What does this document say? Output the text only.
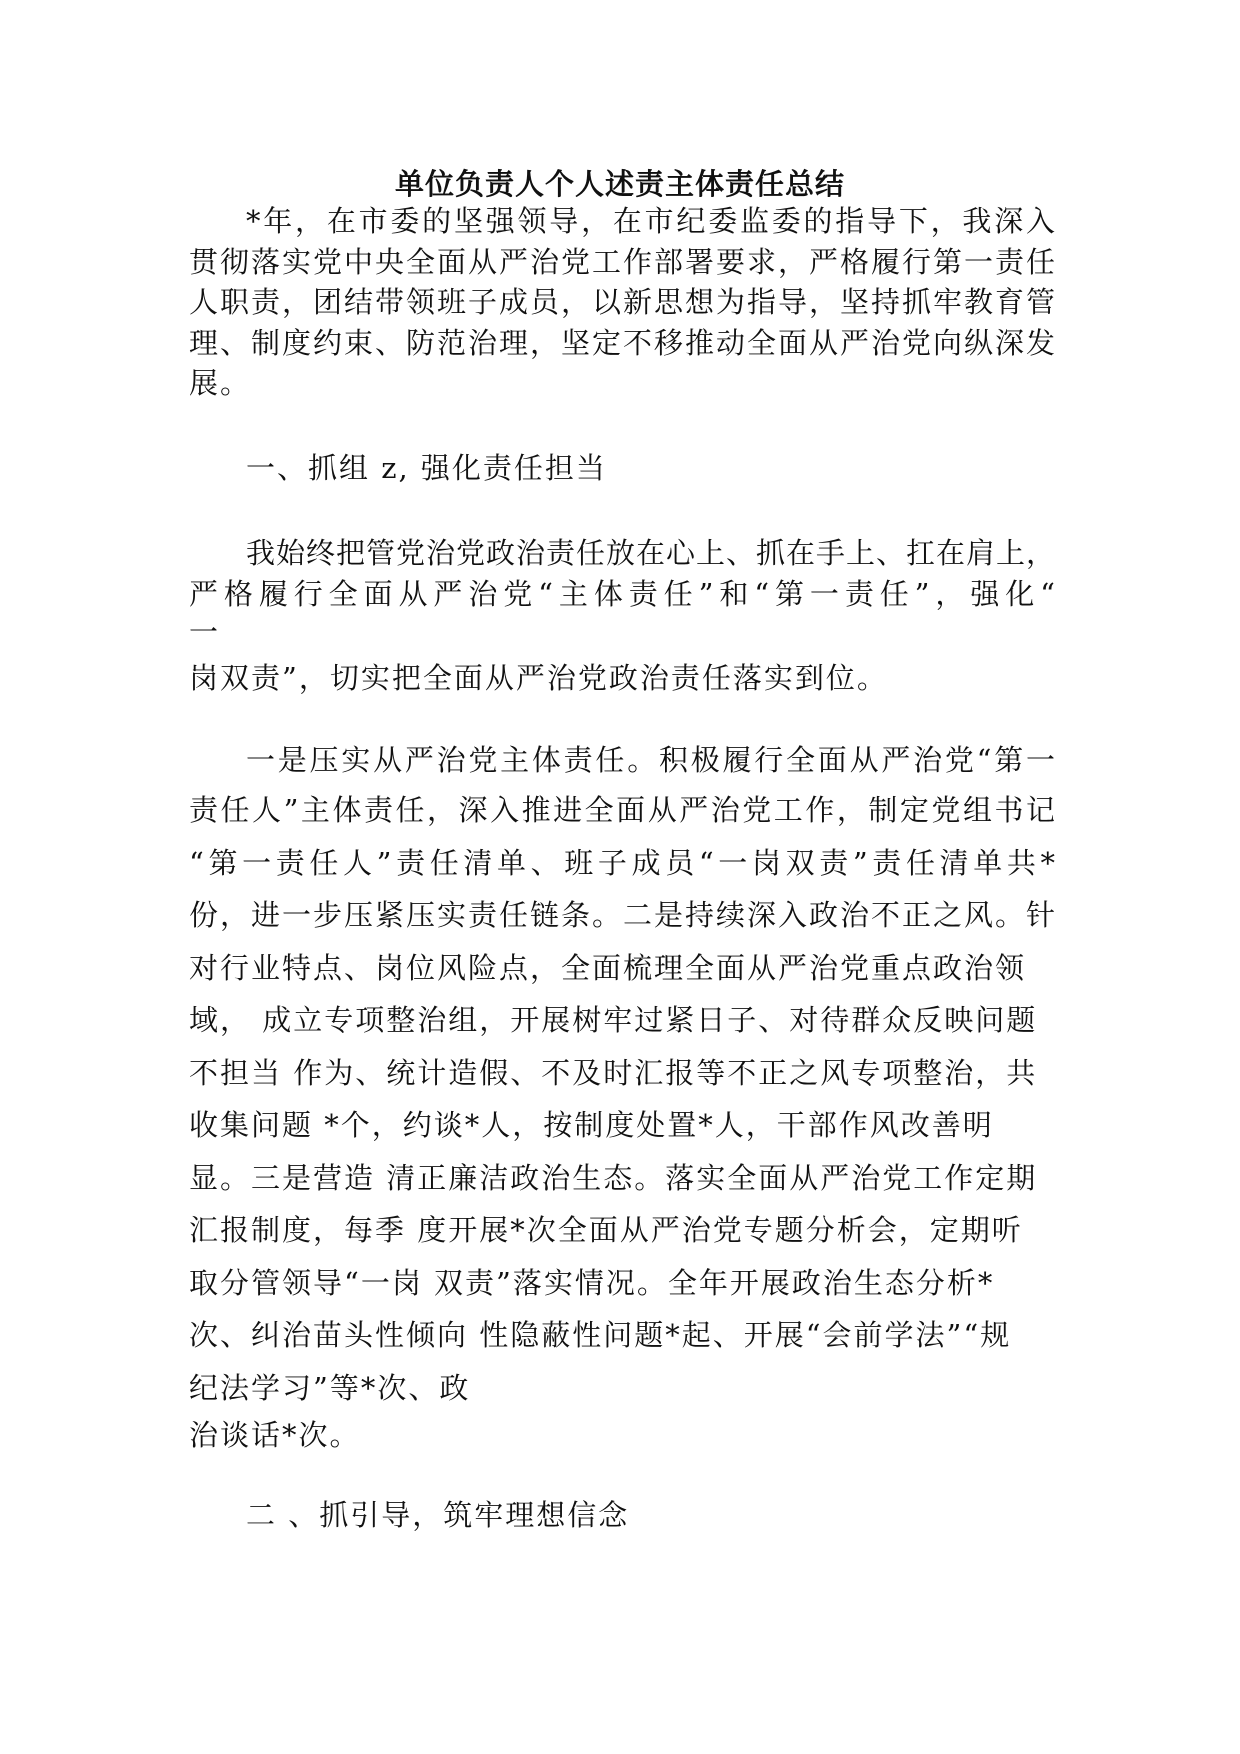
单位负责人个人述责主体责任总结
*年，在市委的坚强领导，在市纪委监委的指导下，我深入
贯彻落实党中央全面从严治党工作部署要求，严格履行第一责任
人职责，团结带领班子成员，以新思想为指导，坚持抓牢教育管
理、制度约束、防范治理，坚定不移推动全面从严治党向纵深发
展。
一、抓组 z, 强化责任担当
我始终把管党治党政治责任放在心上、抓在手上、扛在肩上，
严格履行全面从严治党“主体责任”和“第一责任”，强化“
一
岗双责”，切实把全面从严治党政治责任落实到位。
一是压实从严治党主体责任。积极履行全面从严治党“第一
责任人”主体责任，深入推进全面从严治党工作，制定党组书记
“第一责任人”责任清单、班子成员“一岗双责”责任清单共*
份，进一步压紧压实责任链条。二是持续深入政治不正之风。针
对行业特点、岗位风险点，全面梳理全面从严治党重点政治领
域， 成立专项整治组，开展树牢过紧日子、对待群众反映问题
不担当 作为、统计造假、不及时汇报等不正之风专项整治，共
收集问题 *个，约谈*人，按制度处置*人，干部作风改善明
显。三是营造 清正廉洁政治生态。落实全面从严治党工作定期
汇报制度，每季 度开展*次全面从严治党专题分析会，定期听
取分管领导“一岗 双责”落实情况。全年开展政治生态分析*
次、纠治苗头性倾向 性隐蔽性问题*起、开展“会前学法”“规
纪法学习”等*次、政
治谈话*次。
二 、抓引导，筑牢理想信念
